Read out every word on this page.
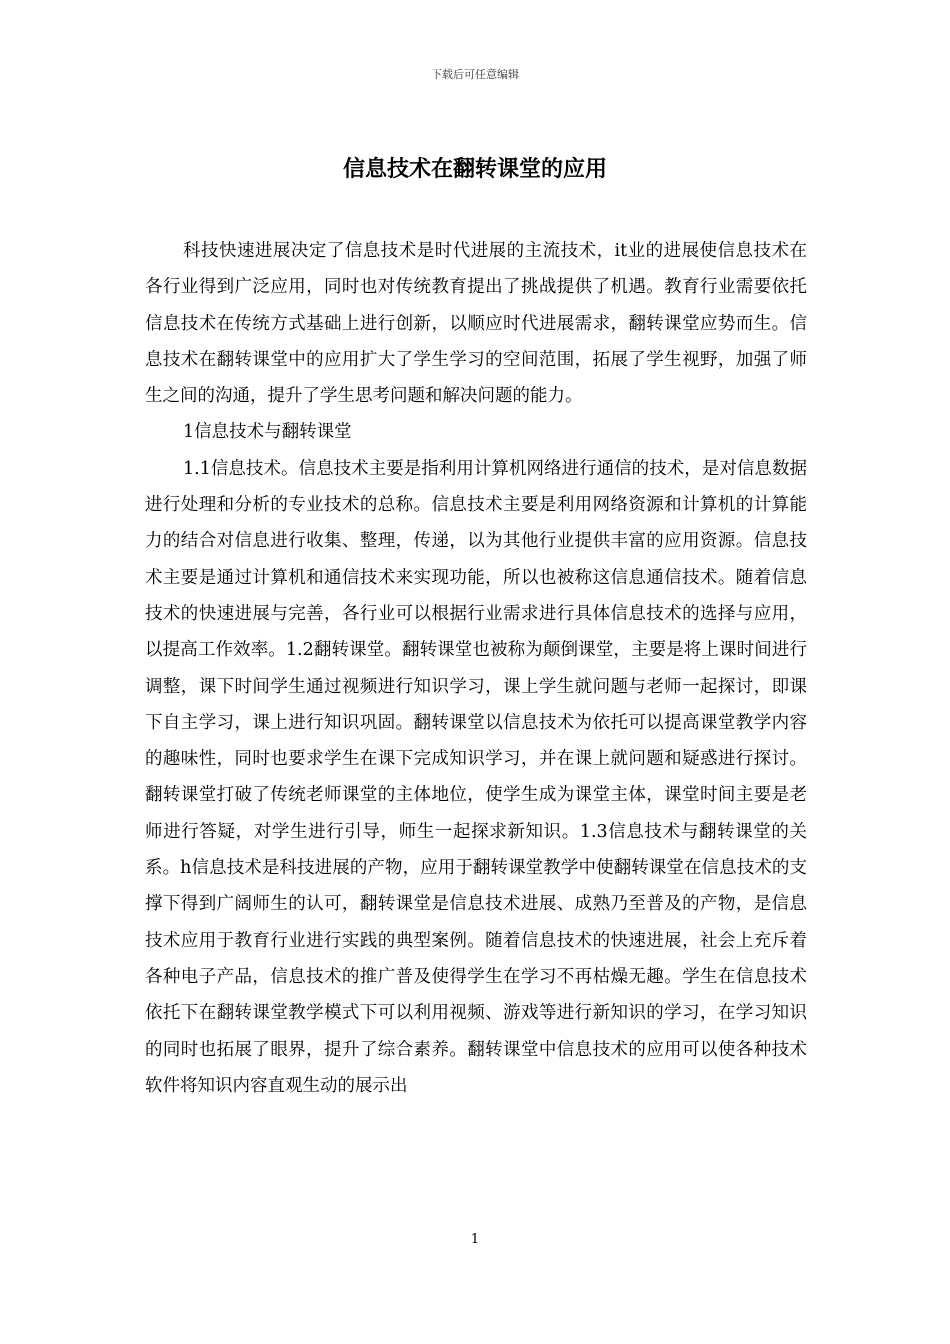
下载后可任意编辑
信息技术在翻转课堂的应用

科技快速进展决定了信息技术是时代进展的主流技术，it业的进展使信息技术在各行业得到广泛应用，同时也对传统教育提出了挑战提供了机遇。教育行业需要依托信息技术在传统方式基础上进行创新，以顺应时代进展需求，翻转课堂应势而生。信息技术在翻转课堂中的应用扩大了学生学习的空间范围，拓展了学生视野，加强了师生之间的沟通，提升了学生思考问题和解决问题的能力。

1信息技术与翻转课堂

1.1信息技术。信息技术主要是指利用计算机网络进行通信的技术，是对信息数据进行处理和分析的专业技术的总称。信息技术主要是利用网络资源和计算机的计算能力的结合对信息进行收集、整理，传递，以为其他行业提供丰富的应用资源。信息技术主要是通过计算机和通信技术来实现功能，所以也被称这信息通信技术。随着信息技术的快速进展与完善，各行业可以根据行业需求进行具体信息技术的选择与应用，以提高工作效率。1.2翻转课堂。翻转课堂也被称为颠倒课堂，主要是将上课时间进行调整，课下时间学生通过视频进行知识学习，课上学生就问题与老师一起探讨，即课下自主学习，课上进行知识巩固。翻转课堂以信息技术为依托可以提高课堂教学内容的趣味性，同时也要求学生在课下完成知识学习，并在课上就问题和疑惑进行探讨。翻转课堂打破了传统老师课堂的主体地位，使学生成为课堂主体，课堂时间主要是老师进行答疑，对学生进行引导，师生一起探求新知识。1.3信息技术与翻转课堂的关系。h信息技术是科技进展的产物，应用于翻转课堂教学中使翻转课堂在信息技术的支撑下得到广阔师生的认可，翻转课堂是信息技术进展、成熟乃至普及的产物，是信息技术应用于教育行业进行实践的典型案例。随着信息技术的快速进展，社会上充斥着各种电子产品，信息技术的推广普及使得学生在学习不再枯燥无趣。学生在信息技术依托下在翻转课堂教学模式下可以利用视频、游戏等进行新知识的学习，在学习知识的同时也拓展了眼界，提升了综合素养。翻转课堂中信息技术的应用可以使各种技术软件将知识内容直观生动的展示出

1
